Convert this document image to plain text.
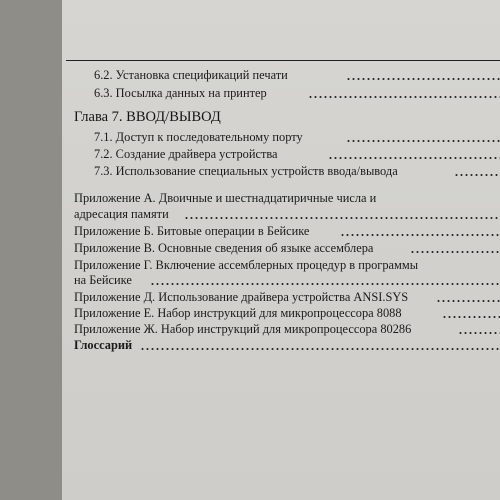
6.2. Установка спецификаций печати
6.3. Посылка данных на принтер
Глава 7. ВВОД/ВЫВОД
7.1. Доступ к последовательному порту
7.2. Создание драйвера устройства
7.3. Использование специальных устройств ввода/вывода
Приложение А. Двоичные и шестнадцатиричные числа и
адресация памяти
Приложение Б. Битовые операции в Бейсике
Приложение В. Основные сведения об языке ассемблера
Приложение Г. Включение ассемблерных процедур в программы
на Бейсике
Приложение Д. Использование драйвера устройства ANSI.SYS
Приложение Е. Набор инструкций для микропроцессора 8088
Приложение Ж. Набор инструкций для микропроцессора 80286
Глоссарий
